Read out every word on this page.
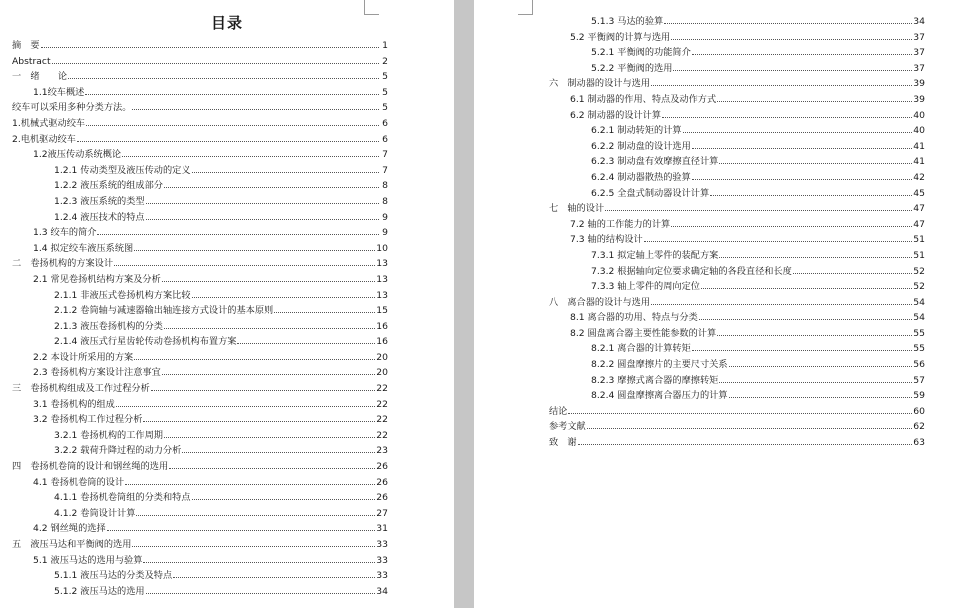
目录
摘　要	1
Abstract	2
一　绪　　论	5
1.1绞车概述	5
绞车可以采用多种分类方法。	5
1.机械式驱动绞车	6
2.电机驱动绞车	6
1.2液压传动系统概论	7
1.2.1 传动类型及液压传动的定义	7
1.2.2 液压系统的组成部分	8
1.2.3 液压系统的类型	8
1.2.4 液压技术的特点	9
1.3 绞车的简介	9
1.4 拟定绞车液压系统图	10
二　卷扬机构的方案设计	13
2.1 常见卷扬机结构方案及分析	13
2.1.1 非液压式卷扬机构方案比较	13
2.1.2 卷筒轴与减速器输出轴连接方式设计的基本原则	15
2.1.3 液压卷扬机构的分类	16
2.1.4 液压式行星齿轮传动卷扬机构布置方案	16
2.2 本设计所采用的方案	20
2.3 卷扬机构方案设计注意事宜	20
三　卷扬机构组成及工作过程分析	22
3.1 卷扬机构的组成	22
3.2 卷扬机构工作过程分析	22
3.2.1 卷扬机构的工作周期	22
3.2.2 载荷升降过程的动力分析	23
四　卷扬机卷筒的设计和钢丝绳的选用	26
4.1 卷扬机卷筒的设计	26
4.1.1 卷扬机卷筒组的分类和特点	26
4.1.2 卷筒设计计算	27
4.2 钢丝绳的选择	31
五　液压马达和平衡阀的选用	33
5.1 液压马达的选用与验算	33
5.1.1 液压马达的分类及特点	33
5.1.2 液压马达的选用	34
5.1.3 马达的验算	34
5.2 平衡阀的计算与选用	37
5.2.1 平衡阀的功能简介	37
5.2.2 平衡阀的选用	37
六　制动器的设计与选用	39
6.1 制动器的作用、特点及动作方式	39
6.2 制动器的设计计算	40
6.2.1 制动转矩的计算	40
6.2.2 制动盘的设计选用	41
6.2.3 制动盘有效摩擦直径计算	41
6.2.4 制动器散热的验算	42
6.2.5 全盘式制动器设计计算	45
七　轴的设计	47
7.2 轴的工作能力的计算	47
7.3 轴的结构设计	51
7.3.1 拟定轴上零件的装配方案	51
7.3.2 根据轴向定位要求确定轴的各段直径和长度	52
7.3.3 轴上零件的周向定位	52
八　离合器的设计与选用	54
8.1 离合器的功用、特点与分类	54
8.2 圆盘离合器主要性能参数的计算	55
8.2.1 离合器的计算转矩	55
8.2.2 圆盘摩擦片的主要尺寸关系	56
8.2.3 摩擦式离合器的摩擦转矩	57
8.2.4 圆盘摩擦离合器压力的计算	59
结论	60
参考文献	62
致　谢	63
